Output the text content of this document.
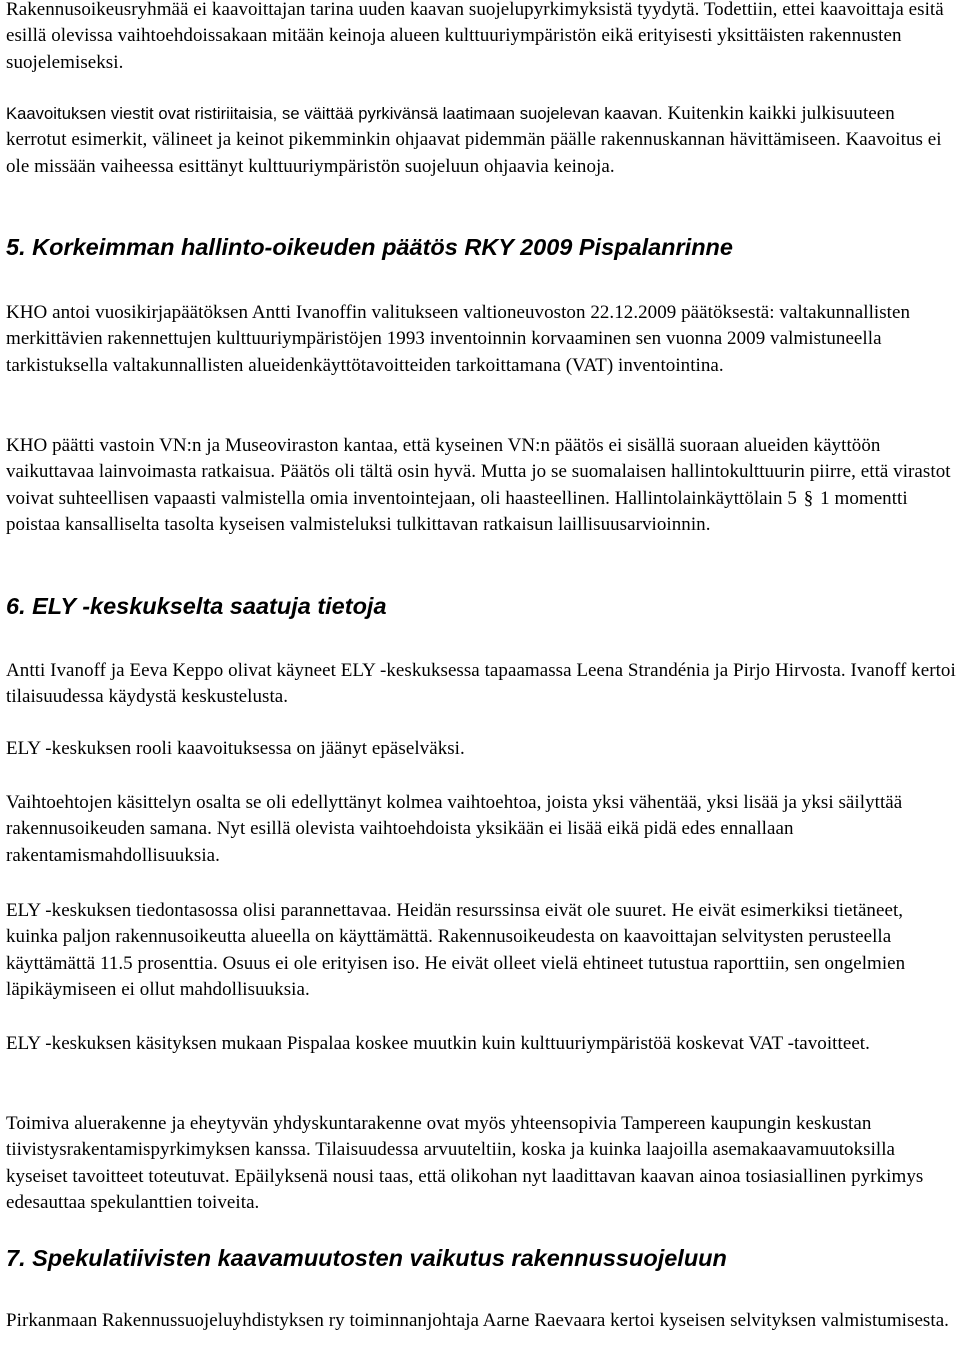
Rakennusoikeusryhmää ei kaavoittajan tarina uuden kaavan suojelupyrkimyksistä tyydytä. Todettiin, ettei kaavoittaja esitä esillä olevissa vaihtoehdoissakaan mitään keinoja alueen kulttuuriympäristön eikä erityisesti yksittäisten rakennusten suojelemiseksi.

Kaavoituksen viestit ovat ristiriitaisia, se väittää pyrkivänsä laatimaan suojelevan kaavan. Kuitenkin kaikki julkisuuteen kerrotut esimerkit, välineet ja keinot pikemminkin ohjaavat pidemmän päälle rakennuskannan hävittämiseen. Kaavoitus ei ole missään vaiheessa esittänyt kulttuuriympäristön suojeluun ohjaavia keinoja.

5. Korkeimman hallinto-oikeuden päätös RKY 2009 Pispalanrinne

KHO antoi vuosikirjapäätöksen Antti Ivanoffin valitukseen valtioneuvoston 22.12.2009 päätöksestä: valtakunnallisten merkittävien rakennettujen kulttuuriympäristöjen 1993 inventoinnin korvaaminen sen vuonna 2009 valmistuneella tarkistuksella valtakunnallisten alueidenkäyttötavoitteiden tarkoittamana (VAT) inventointina.

KHO päätti vastoin VN:n ja Museoviraston kantaa, että kyseinen VN:n päätös ei sisällä suoraan alueiden käyttöön vaikuttavaa lainvoimasta ratkaisua. Päätös oli tältä osin hyvä. Mutta jo se suomalaisen hallintokulttuurin piirre, että virastot voivat suhteellisen vapaasti valmistella omia inventointejaan, oli haasteellinen. Hallintolainkäyttölain 5 § 1 momentti poistaa kansalliselta tasolta kyseisen valmisteluksi tulkittavan ratkaisun laillisuusarvioinnin.

6. ELY -keskukselta saatuja tietoja

Antti Ivanoff ja Eeva Keppo olivat käyneet ELY -keskuksessa tapaamassa Leena Strandénia ja Pirjo Hirvosta. Ivanoff kertoi tilaisuudessa käydystä keskustelusta.

ELY -keskuksen rooli kaavoituksessa on jäänyt epäselväksi.

Vaihtoehtojen käsittelyn osalta se oli edellyttänyt kolmea vaihtoehtoa, joista yksi vähentää, yksi lisää ja yksi säilyttää rakennusoikeuden samana. Nyt esillä olevista vaihtoehdoista yksikään ei lisää eikä pidä edes ennallaan rakentamismahdollisuuksia.

ELY -keskuksen tiedontasossa olisi parannettavaa. Heidän resurssinsa eivät ole suuret. He eivät esimerkiksi tietäneet, kuinka paljon rakennusoikeutta alueella on käyttämättä. Rakennusoikeudesta on kaavoittajan selvitysten perusteella käyttämättä 11.5 prosenttia. Osuus ei ole erityisen iso. He eivät olleet vielä ehtineet tutustua raporttiin, sen ongelmien läpikäymiseen ei ollut mahdollisuuksia.

ELY -keskuksen käsityksen mukaan Pispalaa koskee muutkin kuin kulttuuriympäristöä koskevat VAT -tavoitteet.

Toimiva aluerakenne ja eheytyvän yhdyskuntarakenne ovat myös yhteensopivia Tampereen kaupungin keskustan tiivistysrakentamispyrkimyksen kanssa. Tilaisuudessa arvuuteltiin, koska ja kuinka laajoilla asemakaavamuutoksilla kyseiset tavoitteet toteutuvat. Epäilyksenä nousi taas, että olikohan nyt laadittavan kaavan ainoa tosiasiallinen pyrkimys edesauttaa spekulanttien toiveita.

7. Spekulatiivisten kaavamuutosten vaikutus rakennussuojeluun

Pirkanmaan Rakennussuojeluyhdistyksen ry toiminnanjohtaja Aarne Raevaara kertoi kyseisen selvityksen valmistumisesta.
